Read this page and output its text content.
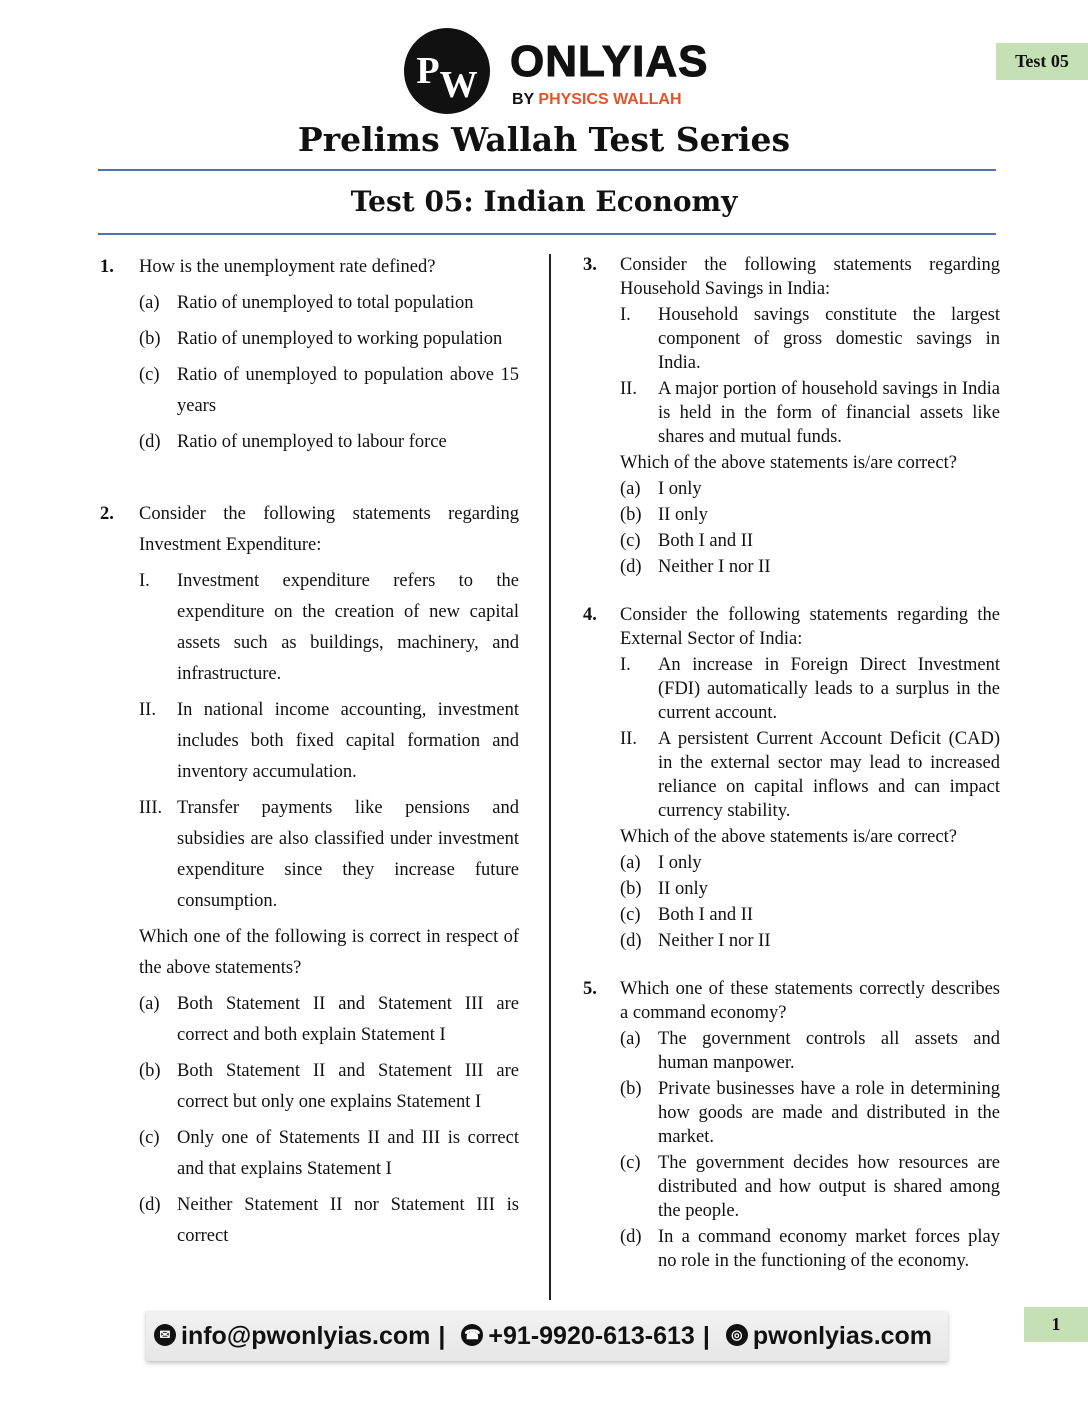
Test 05
PW ONLYIAS
BY PHYSICS WALLAH
Prelims Wallah Test Series
Test 05: Indian Economy
1. How is the unemployment rate defined?
(a) Ratio of unemployed to total population
(b) Ratio of unemployed to working population
(c) Ratio of unemployed to population above 15 years
(d) Ratio of unemployed to labour force
2. Consider the following statements regarding Investment Expenditure:
I. Investment expenditure refers to the expenditure on the creation of new capital assets such as buildings, machinery, and infrastructure.
II. In national income accounting, investment includes both fixed capital formation and inventory accumulation.
III. Transfer payments like pensions and subsidies are also classified under investment expenditure since they increase future consumption.
Which one of the following is correct in respect of the above statements?
(a) Both Statement II and Statement III are correct and both explain Statement I
(b) Both Statement II and Statement III are correct but only one explains Statement I
(c) Only one of Statements II and III is correct and that explains Statement I
(d) Neither Statement II nor Statement III is correct
3. Consider the following statements regarding Household Savings in India:
I. Household savings constitute the largest component of gross domestic savings in India.
II. A major portion of household savings in India is held in the form of financial assets like shares and mutual funds.
Which of the above statements is/are correct?
(a) I only
(b) II only
(c) Both I and II
(d) Neither I nor II
4. Consider the following statements regarding the External Sector of India:
I. An increase in Foreign Direct Investment (FDI) automatically leads to a surplus in the current account.
II. A persistent Current Account Deficit (CAD) in the external sector may lead to increased reliance on capital inflows and can impact currency stability.
Which of the above statements is/are correct?
(a) I only
(b) II only
(c) Both I and II
(d) Neither I nor II
5. Which one of these statements correctly describes a command economy?
(a) The government controls all assets and human manpower.
(b) Private businesses have a role in determining how goods are made and distributed in the market.
(c) The government decides how resources are distributed and how output is shared among the people.
(d) In a command economy market forces play no role in the functioning of the economy.
✉ info@pwonlyias.com | ☎ +91-9920-613-613 | ◎ pwonlyias.com	1
